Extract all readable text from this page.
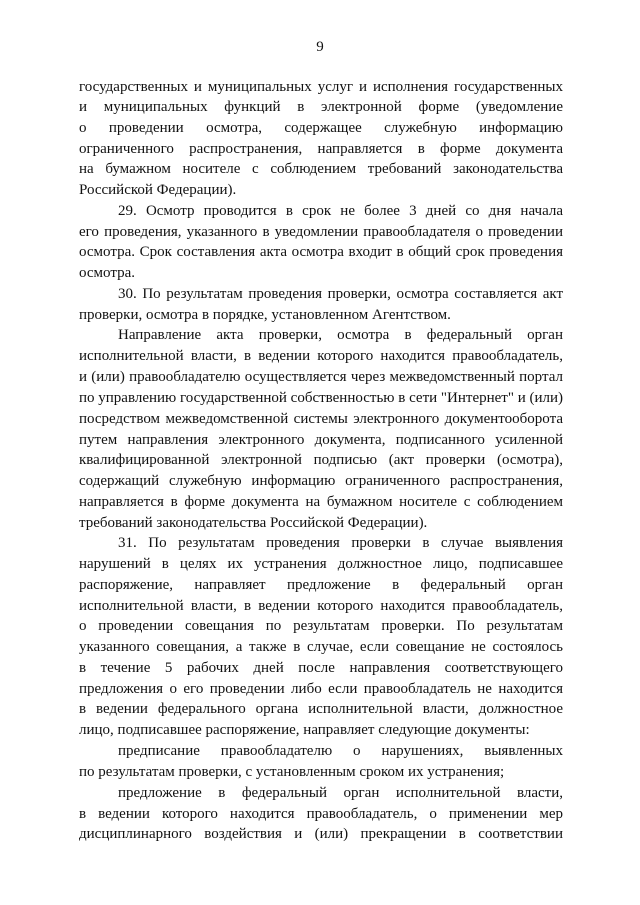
9
государственных и муниципальных услуг и исполнения государственных
и муниципальных функций в электронной форме (уведомление
о проведении осмотра, содержащее служебную информацию
ограниченного распространения, направляется в форме документа
на бумажном носителе с соблюдением требований законодательства
Российской Федерации).
29. Осмотр проводится в срок не более 3 дней со дня начала
его проведения, указанного в уведомлении правообладателя о проведении
осмотра. Срок составления акта осмотра входит в общий срок проведения
осмотра.
30. По результатам проведения проверки, осмотра составляется акт
проверки, осмотра в порядке, установленном Агентством.
Направление акта проверки, осмотра в федеральный орган
исполнительной власти, в ведении которого находится правообладатель,
и (или) правообладателю осуществляется через межведомственный портал
по управлению государственной собственностью в сети "Интернет" и (или)
посредством межведомственной системы электронного документооборота
путем направления электронного документа, подписанного усиленной
квалифицированной электронной подписью (акт проверки (осмотра),
содержащий служебную информацию ограниченного распространения,
направляется в форме документа на бумажном носителе с соблюдением
требований законодательства Российской Федерации).
31. По результатам проведения проверки в случае выявления
нарушений в целях их устранения должностное лицо, подписавшее
распоряжение, направляет предложение в федеральный орган
исполнительной власти, в ведении которого находится правообладатель,
о проведении совещания по результатам проверки. По результатам
указанного совещания, а также в случае, если совещание не состоялось
в течение 5 рабочих дней после направления соответствующего
предложения о его проведении либо если правообладатель не находится
в ведении федерального органа исполнительной власти, должностное
лицо, подписавшее распоряжение, направляет следующие документы:
предписание правообладателю о нарушениях, выявленных
по результатам проверки, с установленным сроком их устранения;
предложение в федеральный орган исполнительной власти,
в ведении которого находится правообладатель, о применении мер
дисциплинарного воздействия и (или) прекращении в соответствии
